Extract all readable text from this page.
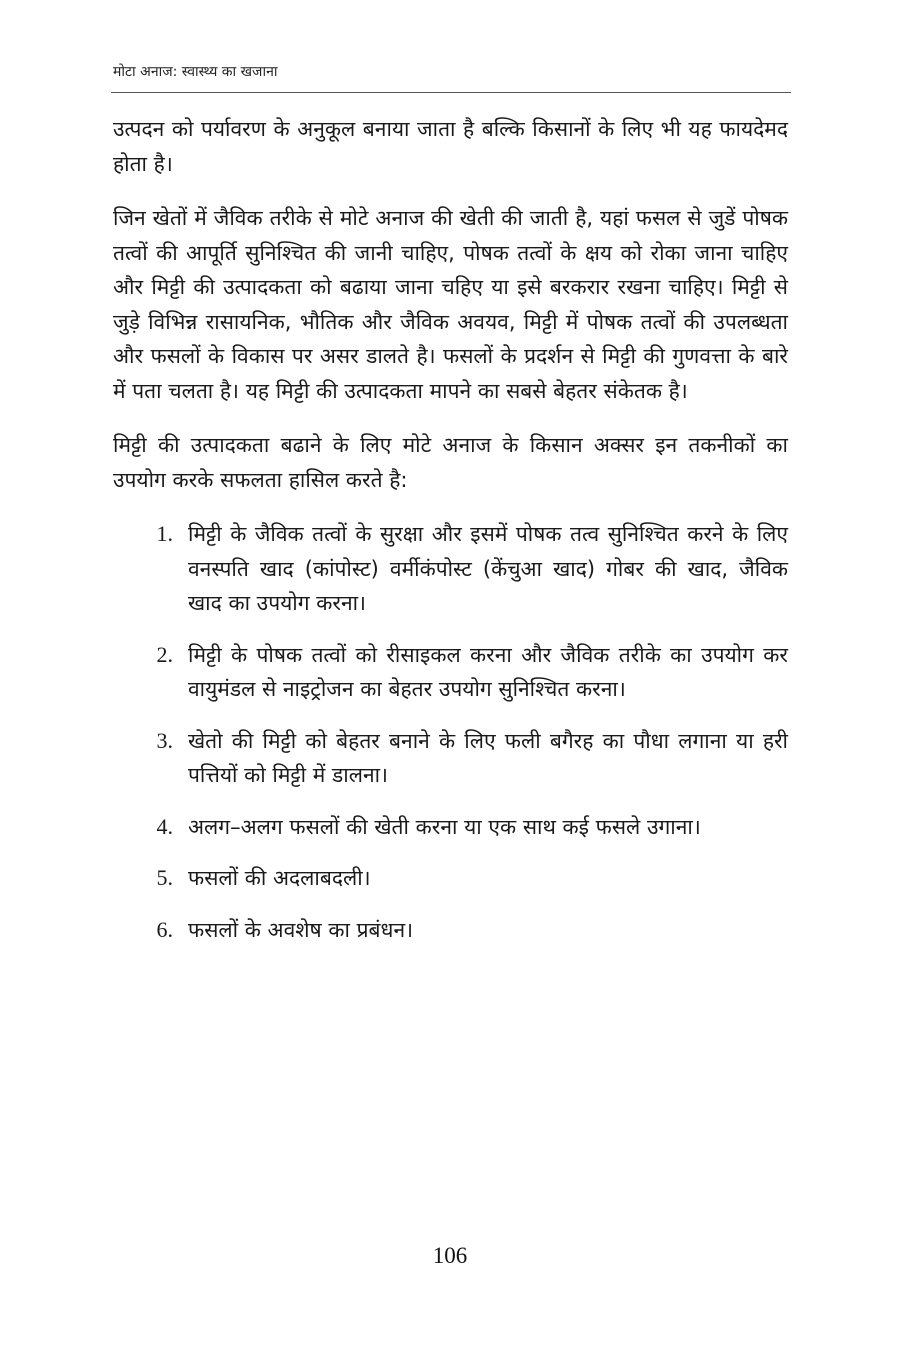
मोटा अनाज: स्वास्थ्य का खजाना

उत्पदन को पर्यावरण के अनुकूल बनाया जाता है बल्कि किसानों के लिए भी यह फायदेमद होता है।

जिन खेतों में जैविक तरीके से मोटे अनाज की खेती की जाती है, यहां फसल से जुडें पोषक तत्वों की आपूर्ति सुनिश्चित की जानी चाहिए, पोषक तत्वों के क्षय को रोका जाना चाहिए और मिट्टी की उत्पादकता को बढाया जाना चहिए या इसे बरकरार रखना चाहिए। मिट्टी से जुड़े विभिन्न रासायनिक, भौतिक और जैविक अवयव, मिट्टी में पोषक तत्वों की उपलब्धता और फसलों के विकास पर असर डालते है। फसलों के प्रदर्शन से मिट्टी की गुणवत्ता के बारे में पता चलता है। यह मिट्टी की उत्पादकता मापने का सबसे बेहतर संकेतक है।

मिट्टी की उत्पादकता बढाने के लिए मोटे अनाज के किसान अक्सर इन तकनीकों का उपयोग करके सफलता हासिल करते है:

1. मिट्टी के जैविक तत्वों के सुरक्षा और इसमें पोषक तत्व सुनिश्चित करने के लिए वनस्पति खाद (कांपोस्ट) वर्मीकंपोस्ट (केंचुआ खाद) गोबर की खाद, जैविक खाद का उपयोग करना।
2. मिट्टी के पोषक तत्वों को रीसाइकल करना और जैविक तरीके का उपयोग कर वायुमंडल से नाइट्रोजन का बेहतर उपयोग सुनिश्चित करना।
3. खेतो की मिट्टी को बेहतर बनाने के लिए फली बगैरह का पौधा लगाना या हरी पत्तियों को मिट्टी में डालना।
4. अलग–अलग फसलों की खेती करना या एक साथ कई फसले उगाना।
5. फसलों की अदलाबदली।
6. फसलों के अवशेष का प्रबंधन।
106
